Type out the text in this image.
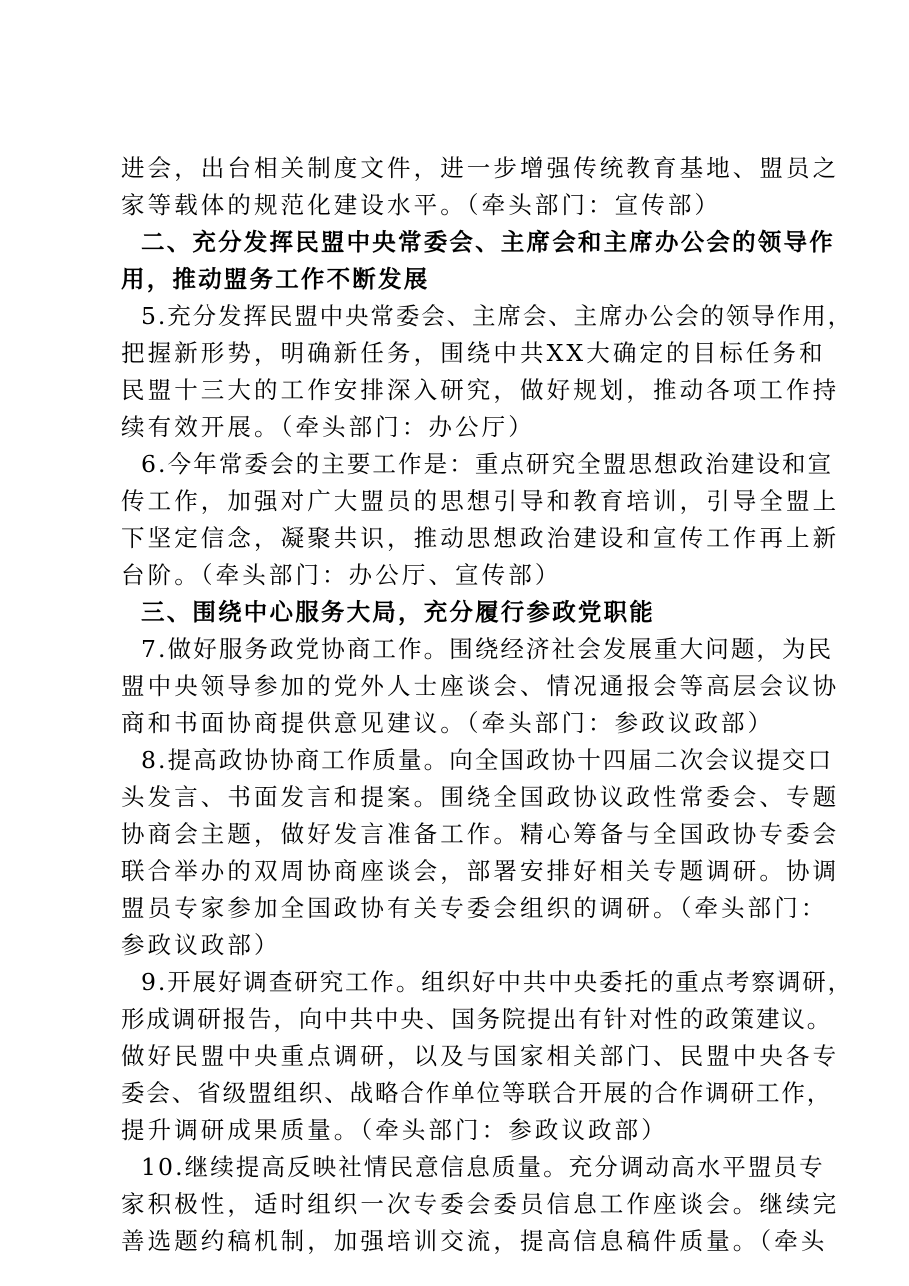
进会，出台相关制度文件，进一步增强传统教育基地、盟员之
家等载体的规范化建设水平。（牵头部门：宣传部）
二、充分发挥民盟中央常委会、主席会和主席办公会的领导作
用，推动盟务工作不断发展
5.充分发挥民盟中央常委会、主席会、主席办公会的领导作用，
把握新形势，明确新任务，围绕中共XX大确定的目标任务和
民盟十三大的工作安排深入研究，做好规划，推动各项工作持
续有效开展。（牵头部门：办公厅）
6.今年常委会的主要工作是：重点研究全盟思想政治建设和宣
传工作，加强对广大盟员的思想引导和教育培训，引导全盟上
下坚定信念，凝聚共识，推动思想政治建设和宣传工作再上新
台阶。（牵头部门：办公厅、宣传部）
三、围绕中心服务大局，充分履行参政党职能
7.做好服务政党协商工作。围绕经济社会发展重大问题，为民
盟中央领导参加的党外人士座谈会、情况通报会等高层会议协
商和书面协商提供意见建议。（牵头部门：参政议政部）
8.提高政协协商工作质量。向全国政协十四届二次会议提交口
头发言、书面发言和提案。围绕全国政协议政性常委会、专题
协商会主题，做好发言准备工作。精心筹备与全国政协专委会
联合举办的双周协商座谈会，部署安排好相关专题调研。协调
盟员专家参加全国政协有关专委会组织的调研。（牵头部门：
参政议政部）
9.开展好调查研究工作。组织好中共中央委托的重点考察调研，
形成调研报告，向中共中央、国务院提出有针对性的政策建议。
做好民盟中央重点调研，以及与国家相关部门、民盟中央各专
委会、省级盟组织、战略合作单位等联合开展的合作调研工作，
提升调研成果质量。（牵头部门：参政议政部）
10.继续提高反映社情民意信息质量。充分调动高水平盟员专
家积极性，适时组织一次专委会委员信息工作座谈会。继续完
善选题约稿机制，加强培训交流，提高信息稿件质量。（牵头
